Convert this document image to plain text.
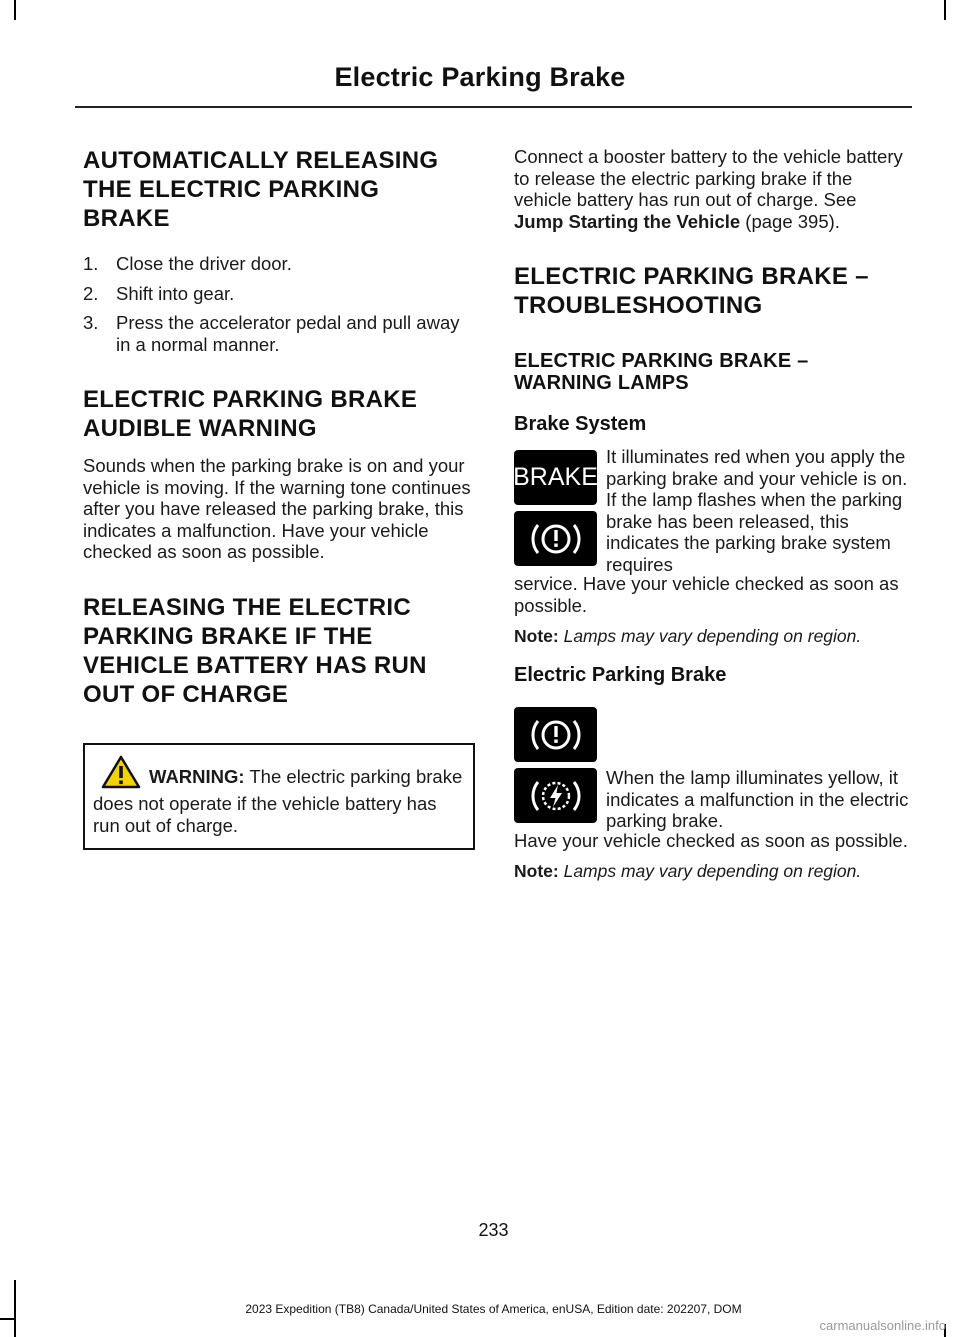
Electric Parking Brake
AUTOMATICALLY RELEASING
THE ELECTRIC PARKING
BRAKE
1. Close the driver door.
2. Shift into gear.
3. Press the accelerator pedal and pull away in a normal manner.
ELECTRIC PARKING BRAKE
AUDIBLE WARNING

Sounds when the parking brake is on and your vehicle is moving. If the warning tone continues after you have released the parking brake, this indicates a malfunction. Have your vehicle checked as soon as possible.

RELEASING THE ELECTRIC
PARKING BRAKE IF THE
VEHICLE BATTERY HAS RUN
OUT OF CHARGE

WARNING: The electric parking brake does not operate if the vehicle battery has run out of charge.

Connect a booster battery to the vehicle battery to release the electric parking brake if the vehicle battery has run out of charge. See Jump Starting the Vehicle (page 395).

ELECTRIC PARKING BRAKE –
TROUBLESHOOTING
ELECTRIC PARKING BRAKE –
WARNING LAMPS
Brake System
BRAKE

It illuminates red when you apply the parking brake and your vehicle is on. If the lamp flashes when the parking brake has been released, this indicates the parking brake system requires

service. Have your vehicle checked as soon as possible.

Note: Lamps may vary depending on region.

Electric Parking Brake

When the lamp illuminates yellow, it indicates a malfunction in the electric parking brake.

Have your vehicle checked as soon as possible.

Note: Lamps may vary depending on region.

233
2023 Expedition (TB8) Canada/United States of America, enUSA, Edition date: 202207, DOM
carmanualsonline.info
